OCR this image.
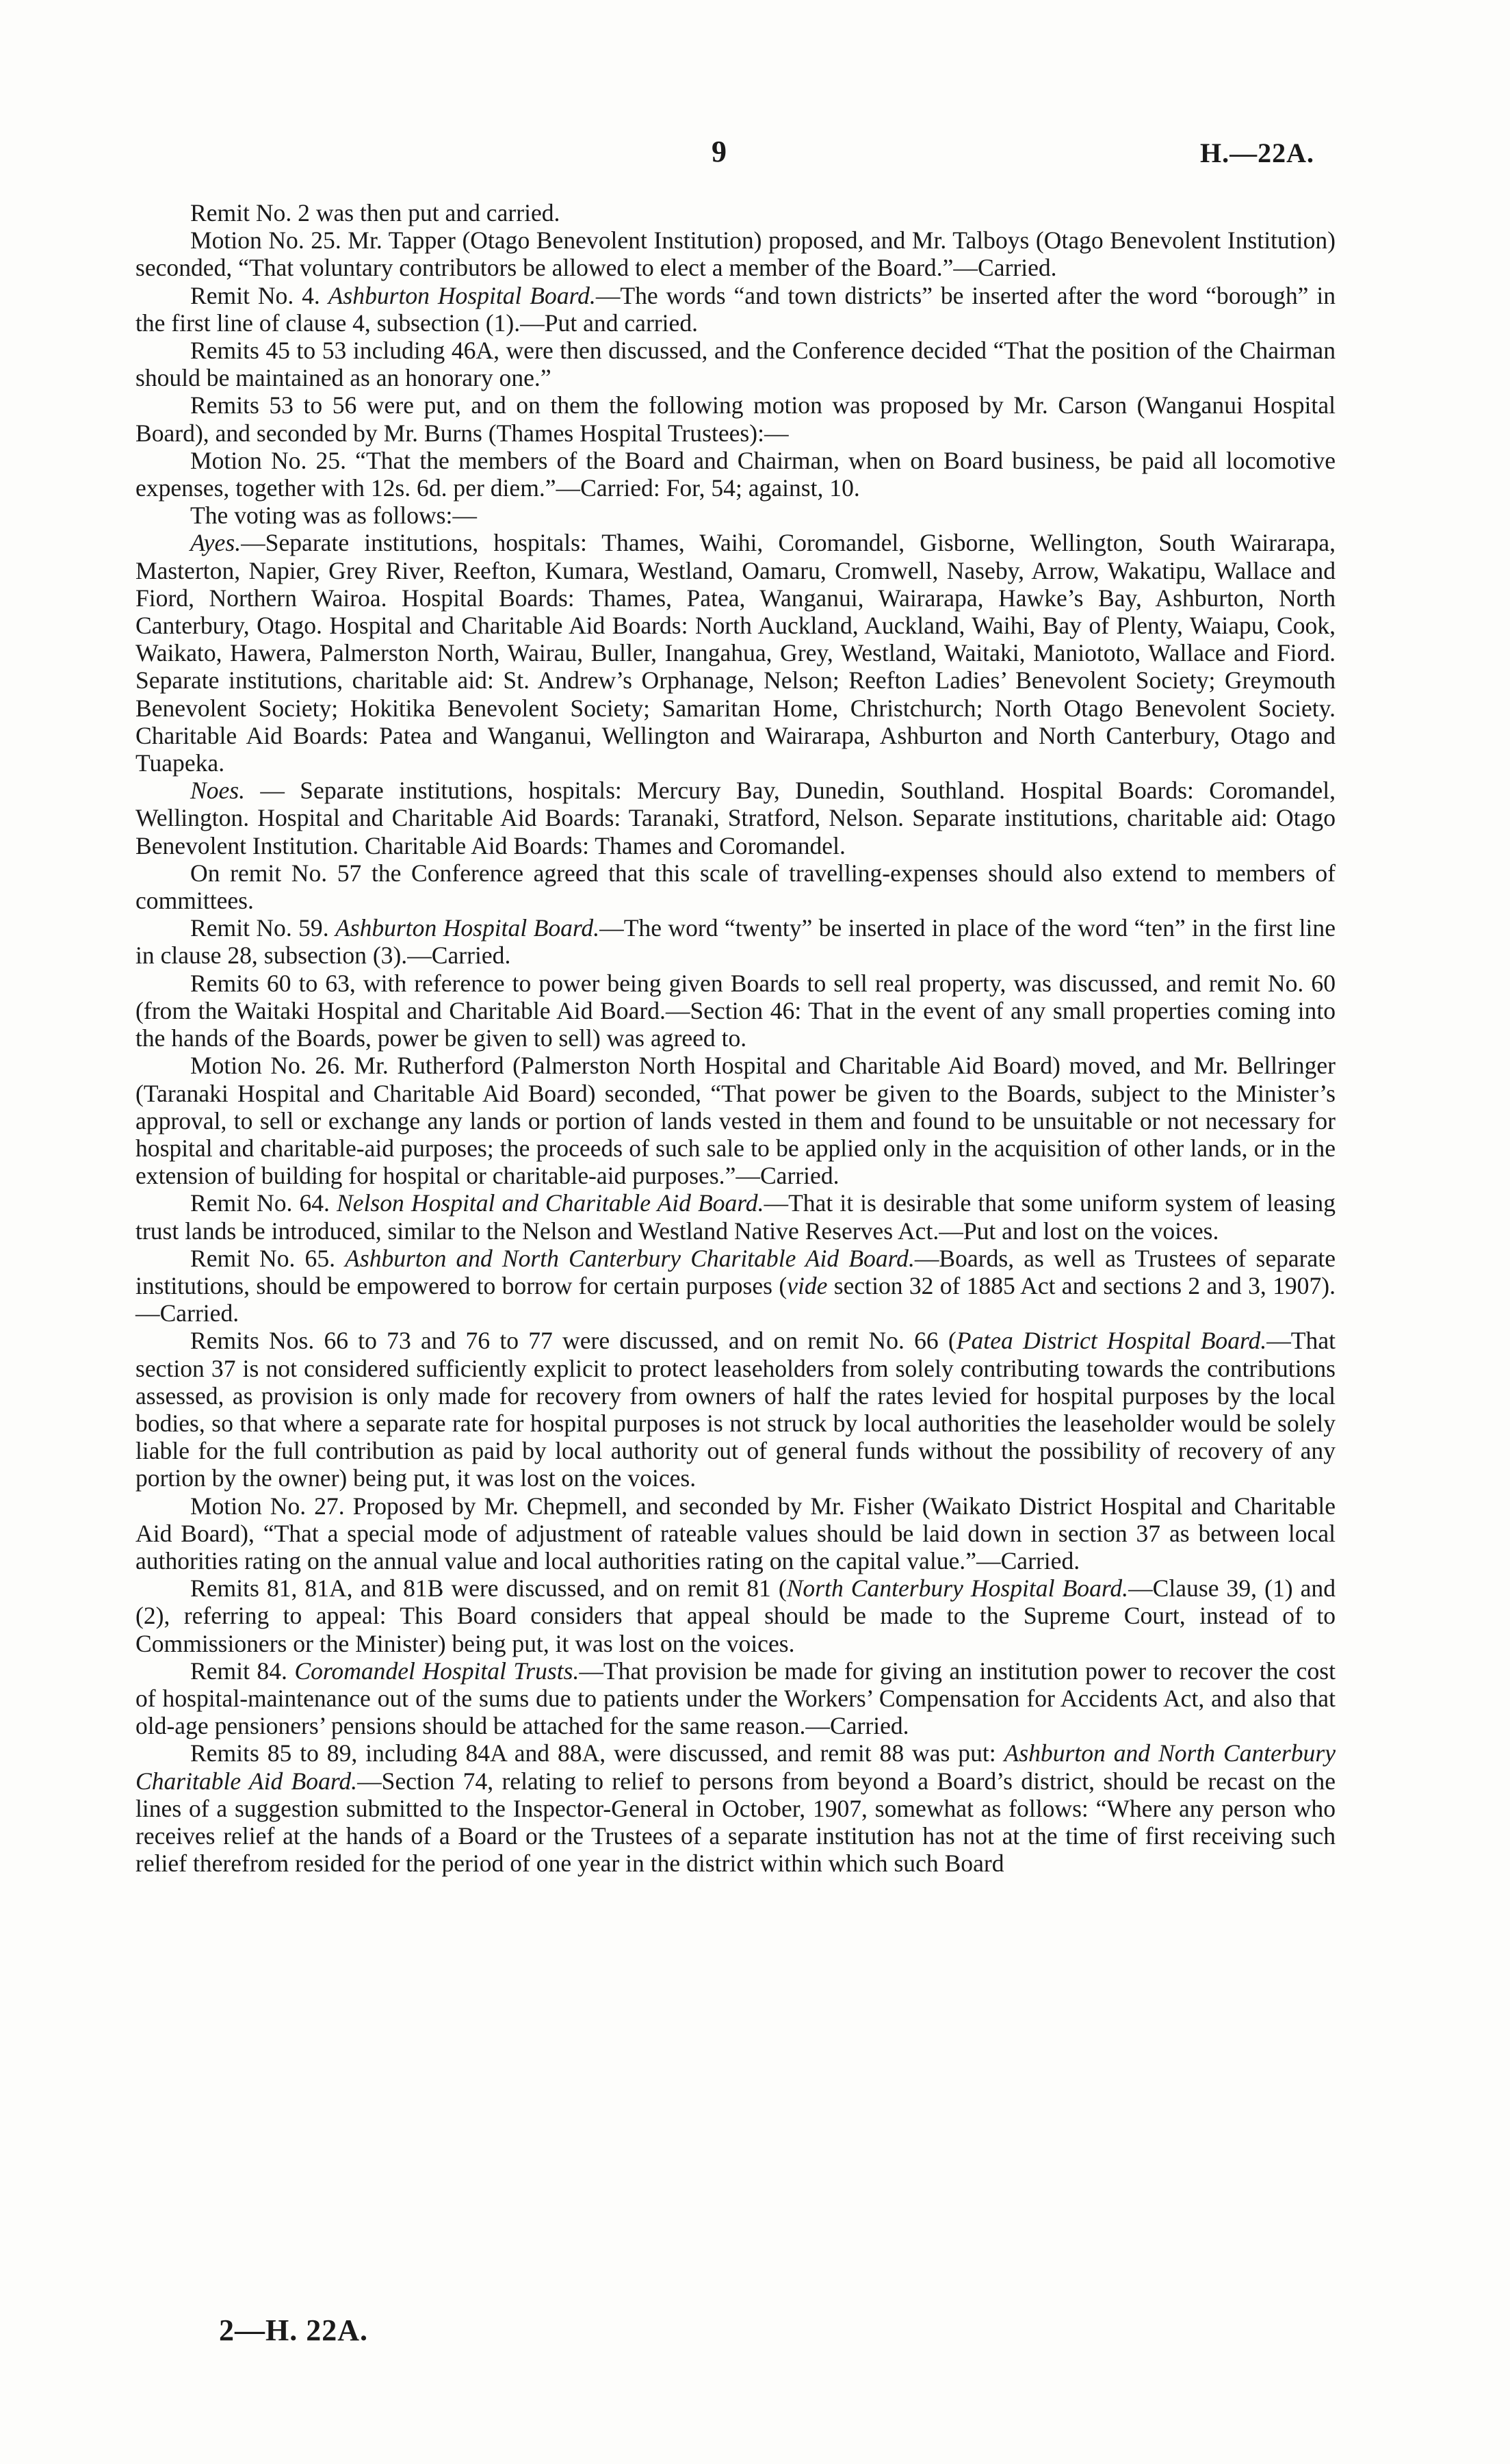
9	H.—22A.

Remit No. 2 was then put and carried.

Motion No. 25. Mr. Tapper (Otago Benevolent Institution) proposed, and Mr. Talboys (Otago Benevolent Institution) seconded, “That voluntary contributors be allowed to elect a member of the Board.”—Carried.

Remit No. 4. Ashburton Hospital Board.—The words “and town districts” be inserted after the word “borough” in the first line of clause 4, subsection (1).—Put and carried.

Remits 45 to 53 including 46A, were then discussed, and the Conference decided “That the position of the Chairman should be maintained as an honorary one.”

Remits 53 to 56 were put, and on them the following motion was proposed by Mr. Carson (Wanganui Hospital Board), and seconded by Mr. Burns (Thames Hospital Trustees):—

Motion No. 25. “That the members of the Board and Chairman, when on Board business, be paid all locomotive expenses, together with 12s. 6d. per diem.”—Carried: For, 54; against, 10.

The voting was as follows:—

Ayes.—Separate institutions, hospitals: Thames, Waihi, Coromandel, Gisborne, Wellington, South Wairarapa, Masterton, Napier, Grey River, Reefton, Kumara, Westland, Oamaru, Cromwell, Naseby, Arrow, Wakatipu, Wallace and Fiord, Northern Wairoa. Hospital Boards: Thames, Patea, Wanganui, Wairarapa, Hawke’s Bay, Ashburton, North Canterbury, Otago. Hospital and Charitable Aid Boards: North Auckland, Auckland, Waihi, Bay of Plenty, Waiapu, Cook, Waikato, Hawera, Palmerston North, Wairau, Buller, Inangahua, Grey, Westland, Waitaki, Maniototo, Wallace and Fiord. Separate institutions, charitable aid: St. Andrew’s Orphanage, Nelson; Reefton Ladies’ Benevolent Society; Greymouth Benevolent Society; Hokitika Benevolent Society; Samaritan Home, Christchurch; North Otago Benevolent Society. Charitable Aid Boards: Patea and Wanganui, Wellington and Wairarapa, Ashburton and North Canterbury, Otago and Tuapeka.

Noes. — Separate institutions, hospitals: Mercury Bay, Dunedin, Southland. Hospital Boards: Coromandel, Wellington. Hospital and Charitable Aid Boards: Taranaki, Stratford, Nelson. Separate institutions, charitable aid: Otago Benevolent Institution. Charitable Aid Boards: Thames and Coromandel.

On remit No. 57 the Conference agreed that this scale of travelling-expenses should also extend to members of committees.

Remit No. 59. Ashburton Hospital Board.—The word “twenty” be inserted in place of the word “ten” in the first line in clause 28, subsection (3).—Carried.

Remits 60 to 63, with reference to power being given Boards to sell real property, was discussed, and remit No. 60 (from the Waitaki Hospital and Charitable Aid Board.—Section 46: That in the event of any small properties coming into the hands of the Boards, power be given to sell) was agreed to.

Motion No. 26. Mr. Rutherford (Palmerston North Hospital and Charitable Aid Board) moved, and Mr. Bellringer (Taranaki Hospital and Charitable Aid Board) seconded, “That power be given to the Boards, subject to the Minister’s approval, to sell or exchange any lands or portion of lands vested in them and found to be unsuitable or not necessary for hospital and charitable-aid purposes; the proceeds of such sale to be applied only in the acquisition of other lands, or in the extension of building for hospital or charitable-aid purposes.”—Carried.

Remit No. 64. Nelson Hospital and Charitable Aid Board.—That it is desirable that some uniform system of leasing trust lands be introduced, similar to the Nelson and Westland Native Reserves Act.—Put and lost on the voices.

Remit No. 65. Ashburton and North Canterbury Charitable Aid Board.—Boards, as well as Trustees of separate institutions, should be empowered to borrow for certain purposes (vide section 32 of 1885 Act and sections 2 and 3, 1907).—Carried.

Remits Nos. 66 to 73 and 76 to 77 were discussed, and on remit No. 66 (Patea District Hospital Board.—That section 37 is not considered sufficiently explicit to protect leaseholders from solely contributing towards the contributions assessed, as provision is only made for recovery from owners of half the rates levied for hospital purposes by the local bodies, so that where a separate rate for hospital purposes is not struck by local authorities the leaseholder would be solely liable for the full contribution as paid by local authority out of general funds without the possibility of recovery of any portion by the owner) being put, it was lost on the voices.

Motion No. 27. Proposed by Mr. Chepmell, and seconded by Mr. Fisher (Waikato District Hospital and Charitable Aid Board), “That a special mode of adjustment of rateable values should be laid down in section 37 as between local authorities rating on the annual value and local authorities rating on the capital value.”—Carried.

Remits 81, 81A, and 81B were discussed, and on remit 81 (North Canterbury Hospital Board.—Clause 39, (1) and (2), referring to appeal: This Board considers that appeal should be made to the Supreme Court, instead of to Commissioners or the Minister) being put, it was lost on the voices.

Remit 84. Coromandel Hospital Trusts.—That provision be made for giving an institution power to recover the cost of hospital-maintenance out of the sums due to patients under the Workers’ Compensation for Accidents Act, and also that old-age pensioners’ pensions should be attached for the same reason.—Carried.

Remits 85 to 89, including 84A and 88A, were discussed, and remit 88 was put: Ashburton and North Canterbury Charitable Aid Board.—Section 74, relating to relief to persons from beyond a Board’s district, should be recast on the lines of a suggestion submitted to the Inspector-General in October, 1907, somewhat as follows: “Where any person who receives relief at the hands of a Board or the Trustees of a separate institution has not at the time of first receiving such relief therefrom resided for the period of one year in the district within which such Board

2—H. 22A.
